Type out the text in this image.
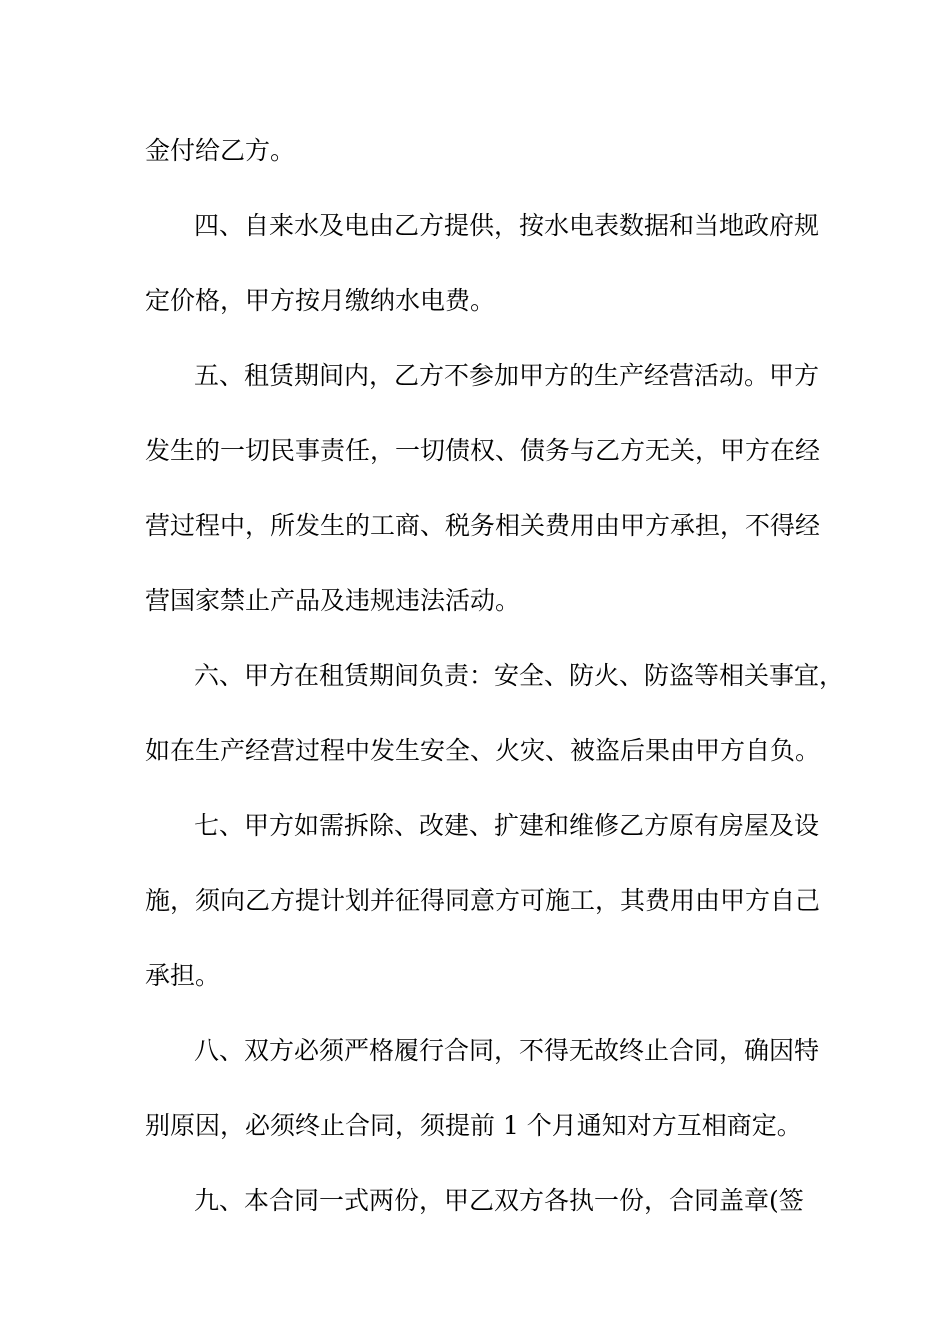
金付给乙方。
四、自来水及电由乙方提供，按水电表数据和当地政府规
定价格，甲方按月缴纳水电费。
五、租赁期间内，乙方不参加甲方的生产经营活动。甲方
发生的一切民事责任，一切债权、债务与乙方无关，甲方在经
营过程中，所发生的工商、税务相关费用由甲方承担，不得经
营国家禁止产品及违规违法活动。
六、甲方在租赁期间负责：安全、防火、防盗等相关事宜，
如在生产经营过程中发生安全、火灾、被盗后果由甲方自负。
七、甲方如需拆除、改建、扩建和维修乙方原有房屋及设
施，须向乙方提计划并征得同意方可施工，其费用由甲方自己
承担。
八、双方必须严格履行合同，不得无故终止合同，确因特
别原因，必须终止合同，须提前 1 个月通知对方互相商定。
九、本合同一式两份，甲乙双方各执一份，合同盖章(签
